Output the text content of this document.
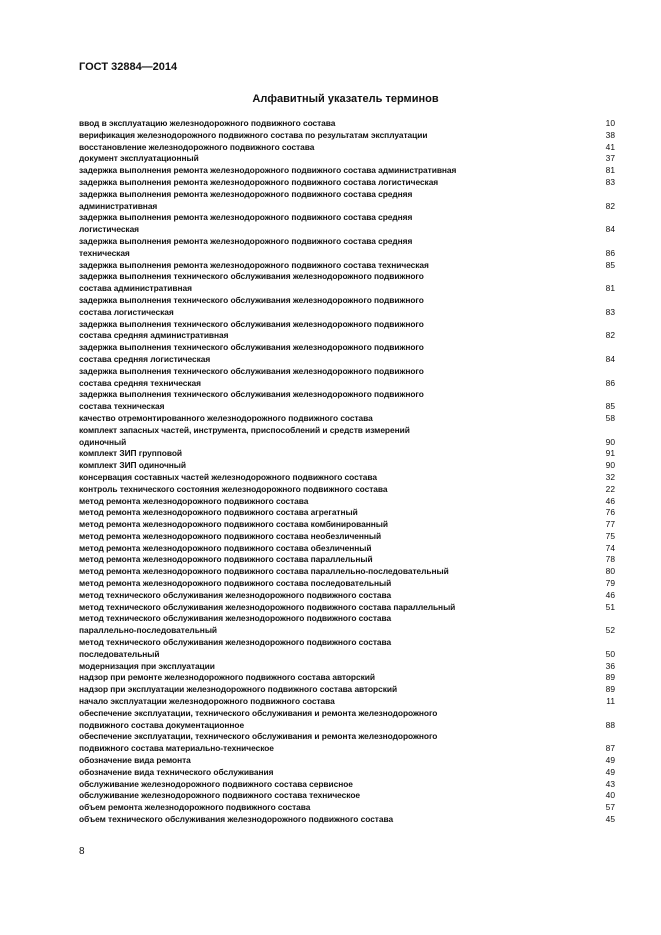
ГОСТ 32884—2014
Алфавитный указатель терминов
ввод в эксплуатацию железнодорожного подвижного состава	10
верификация железнодорожного подвижного состава по результатам эксплуатации	38
восстановление железнодорожного подвижного состава	41
документ эксплуатационный	37
задержка выполнения ремонта железнодорожного подвижного состава административная	81
задержка выполнения ремонта железнодорожного подвижного состава логистическая	83
задержка выполнения ремонта железнодорожного подвижного состава средняя
административная	82
задержка выполнения ремонта железнодорожного подвижного состава средняя
логистическая	84
задержка выполнения ремонта железнодорожного подвижного состава средняя
техническая	86
задержка выполнения ремонта железнодорожного подвижного состава техническая	85
задержка выполнения технического обслуживания железнодорожного подвижного
состава административная	81
задержка выполнения технического обслуживания железнодорожного подвижного
состава логистическая	83
задержка выполнения технического обслуживания железнодорожного подвижного
состава средняя административная	82
задержка выполнения технического обслуживания железнодорожного подвижного
состава средняя логистическая	84
задержка выполнения технического обслуживания железнодорожного подвижного
состава средняя техническая	86
задержка выполнения технического обслуживания железнодорожного подвижного
состава техническая	85
качество отремонтированного железнодорожного подвижного состава	58
комплект запасных частей, инструмента, приспособлений и средств измерений
одиночный	90
комплект ЗИП групповой	91
комплект ЗИП одиночный	90
консервация составных частей железнодорожного подвижного состава	32
контроль технического состояния железнодорожного подвижного состава	22
метод ремонта железнодорожного подвижного состава	46
метод ремонта железнодорожного подвижного состава агрегатный	76
метод ремонта железнодорожного подвижного состава комбинированный	77
метод ремонта железнодорожного подвижного состава необезличенный	75
метод ремонта железнодорожного подвижного состава обезличенный	74
метод ремонта железнодорожного подвижного состава параллельный	78
метод ремонта железнодорожного подвижного состава параллельно-последовательный	80
метод ремонта железнодорожного подвижного состава последовательный	79
метод технического обслуживания железнодорожного подвижного состава	46
метод технического обслуживания железнодорожного подвижного состава параллельный	51
метод технического обслуживания железнодорожного подвижного состава
параллельно-последовательный	52
метод технического обслуживания железнодорожного подвижного состава
последовательный	50
модернизация при эксплуатации	36
надзор при ремонте железнодорожного подвижного состава авторский	89
надзор при эксплуатации железнодорожного подвижного состава авторский	89
начало эксплуатации железнодорожного подвижного состава	11
обеспечение эксплуатации, технического обслуживания и ремонта железнодорожного
подвижного состава документационное	88
обеспечение эксплуатации, технического обслуживания и ремонта железнодорожного
подвижного состава материально-техническое	87
обозначение вида ремонта	49
обозначение вида технического обслуживания	49
обслуживание железнодорожного подвижного состава сервисное	43
обслуживание железнодорожного подвижного состава техническое	40
объем ремонта железнодорожного подвижного состава	57
объем технического обслуживания железнодорожного подвижного состава	45
8
